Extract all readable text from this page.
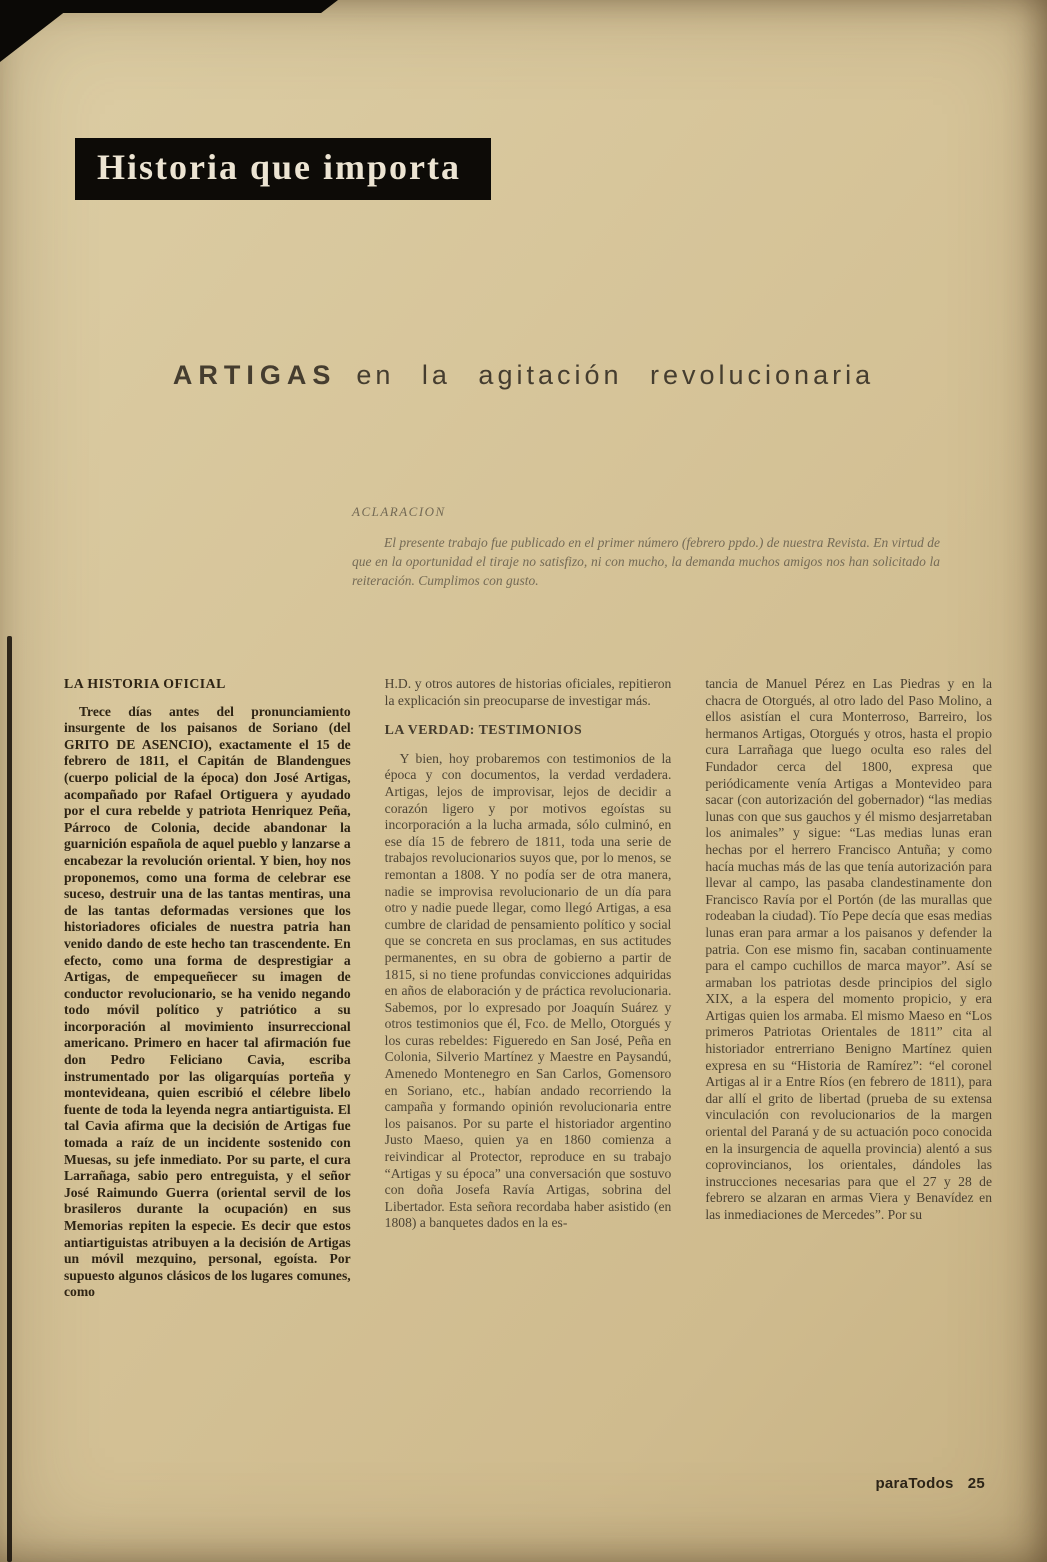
Historia que importa
ARTIGAS en la agitación revolucionaria
ACLARACION

El presente trabajo fue publicado en el primer número (febrero ppdo.) de nuestra Revista. En virtud de que en la oportunidad el tiraje no satisfizo, ni con mucho, la demanda muchos amigos nos han solicitado la reiteración. Cumplimos con gusto.

LA HISTORIA OFICIAL

Trece días antes del pronunciamiento insurgente de los paisanos de Soriano (del GRITO DE ASENCIO), exactamente el 15 de febrero de 1811, el Capitán de Blandengues (cuerpo policial de la época) don José Artigas, acompañado por Rafael Ortiguera y ayudado por el cura rebelde y patriota Henriquez Peña, Párroco de Colonia, decide abandonar la guarnición española de aquel pueblo y lanzarse a encabezar la revolución oriental. Y bien, hoy nos proponemos, como una forma de celebrar ese suceso, destruir una de las tantas mentiras, una de las tantas deformadas versiones que los historiadores oficiales de nuestra patria han venido dando de este hecho tan trascendente. En efecto, como una forma de desprestigiar a Artigas, de empequeñecer su imagen de conductor revolucionario, se ha venido negando todo móvil político y patriótico a su incorporación al movimiento insurreccional americano. Primero en hacer tal afirmación fue don Pedro Feliciano Cavia, escriba instrumentado por las oligarquías porteña y montevideana, quien escribió el célebre libelo fuente de toda la leyenda negra antiartiguista. El tal Cavia afirma que la decisión de Artigas fue tomada a raíz de un incidente sostenido con Muesas, su jefe inmediato. Por su parte, el cura Larrañaga, sabio pero entreguista, y el señor José Raimundo Guerra (oriental servil de los brasileros durante la ocupación) en sus Memorias repiten la especie. Es decir que estos antiartiguistas atribuyen a la decisión de Artigas un móvil mezquino, personal, egoísta. Por supuesto algunos clásicos de los lugares comunes, como

H.D. y otros autores de historias oficiales, repitieron la explicación sin preocuparse de investigar más.

LA VERDAD: TESTIMONIOS

Y bien, hoy probaremos con testimonios de la época y con documentos, la verdad verdadera. Artigas, lejos de improvisar, lejos de decidir a corazón ligero y por motivos egoístas su incorporación a la lucha armada, sólo culminó, en ese día 15 de febrero de 1811, toda una serie de trabajos revolucionarios suyos que, por lo menos, se remontan a 1808. Y no podía ser de otra manera, nadie se improvisa revolucionario de un día para otro y nadie puede llegar, como llegó Artigas, a esa cumbre de claridad de pensamiento político y social que se concreta en sus proclamas, en sus actitudes permanentes, en su obra de gobierno a partir de 1815, si no tiene profundas convicciones adquiridas en años de elaboración y de práctica revolucionaria. Sabemos, por lo expresado por Joaquín Suárez y otros testimonios que él, Fco. de Mello, Otorgués y los curas rebeldes: Figueredo en San José, Peña en Colonia, Silverio Martínez y Maestre en Paysandú, Amenedo Montenegro en San Carlos, Gomensoro en Soriano, etc., habían andado recorriendo la campaña y formando opinión revolucionaria entre los paisanos. Por su parte el historiador argentino Justo Maeso, quien ya en 1860 comienza a reivindicar al Protector, reproduce en su trabajo “Artigas y su época” una conversación que sostuvo con doña Josefa Ravía Artigas, sobrina del Libertador. Esta señora recordaba haber asistido (en 1808) a banquetes dados en la es-

tancia de Manuel Pérez en Las Piedras y en la chacra de Otorgués, al otro lado del Paso Molino, a ellos asistían el cura Monterroso, Barreiro, los hermanos Artigas, Otorgués y otros, hasta el propio cura Larrañaga que luego oculta eso rales del Fundador cerca del 1800, expresa que periódicamente venía Artigas a Montevideo para sacar (con autorización del gobernador) “las medias lunas con que sus gauchos y él mismo desjarretaban los animales” y sigue: “Las medias lunas eran hechas por el herrero Francisco Antuña; y como hacía muchas más de las que tenía autorización para llevar al campo, las pasaba clandestinamente don Francisco Ravía por el Portón (de las murallas que rodeaban la ciudad). Tío Pepe decía que esas medias lunas eran para armar a los paisanos y defender la patria. Con ese mismo fin, sacaban continuamente para el campo cuchillos de marca mayor”. Así se armaban los patriotas desde principios del siglo XIX, a la espera del momento propicio, y era Artigas quien los armaba. El mismo Maeso en “Los primeros Patriotas Orientales de 1811” cita al historiador entrerriano Benigno Martínez quien expresa en su “Historia de Ramírez”: “el coronel Artigas al ir a Entre Ríos (en febrero de 1811), para dar allí el grito de libertad (prueba de su extensa vinculación con revolucionarios de la margen oriental del Paraná y de su actuación poco conocida en la insurgencia de aquella provincia) alentó a sus coprovincianos, los orientales, dándoles las instrucciones necesarias para que el 27 y 28 de febrero se alzaran en armas Viera y Benavídez en las inmediaciones de Mercedes”. Por su

paraTodos 25
